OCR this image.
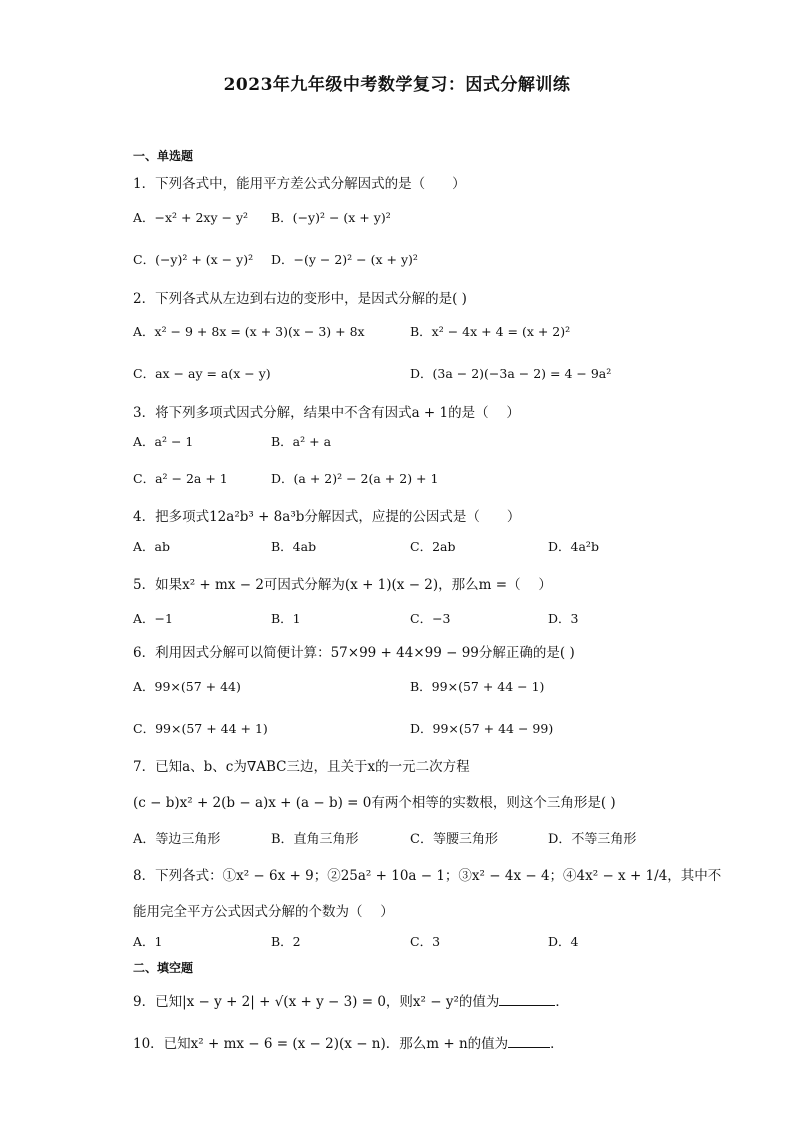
2023年九年级中考数学复习：因式分解训练
一、单选题
1．下列各式中，能用平方差公式分解因式的是（　　）
A．−x² + 2xy − y² B．(−y)² − (x + y)²
C．(−y)² + (x − y)² D．−(y − 2)² − (x + y)²
2．下列各式从左边到右边的变形中，是因式分解的是( )
A．x² − 9 + 8x = (x + 3)(x − 3) + 8x	B．x² − 4x + 4 = (x + 2)²
C．ax − ay = a(x − y)	D．(3a − 2)(−3a − 2) = 4 − 9a²
3．将下列多项式因式分解，结果中不含有因式a + 1的是（　 ）
A．a² − 1	B．a² + a
C．a² − 2a + 1	D．(a + 2)² − 2(a + 2) + 1
4．把多项式12a²b³ + 8a³b分解因式，应提的公因式是（　　）
A．ab	B．4ab	C．2ab	D．4a²b
5．如果x² + mx − 2可因式分解为(x + 1)(x − 2)，那么m =（　 ）
A．−1	B．1	C．−3	D．3
6．利用因式分解可以简便计算：57×99 + 44×99 − 99分解正确的是( )
A．99×(57 + 44)	B．99×(57 + 44 − 1)
C．99×(57 + 44 + 1)	D．99×(57 + 44 − 99)
7．已知a、b、c为∇ABC三边，且关于x的一元二次方程
(c − b)x² + 2(b − a)x + (a − b) = 0有两个相等的实数根，则这个三角形是( )
A．等边三角形	B．直角三角形	C．等腰三角形	D．不等三角形
8．下列各式：①x² − 6x + 9；②25a² + 10a − 1；③x² − 4x − 4；④4x² − x + 1/4，其中不
能用完全平方公式因式分解的个数为（　 ）
A．1	B．2	C．3	D．4
二、填空题
9．已知|x − y + 2| + √(x + y − 3) = 0，则x² − y²的值为	．
10．已知x² + mx − 6 = (x − 2)(x − n)．那么m + n的值为	．
